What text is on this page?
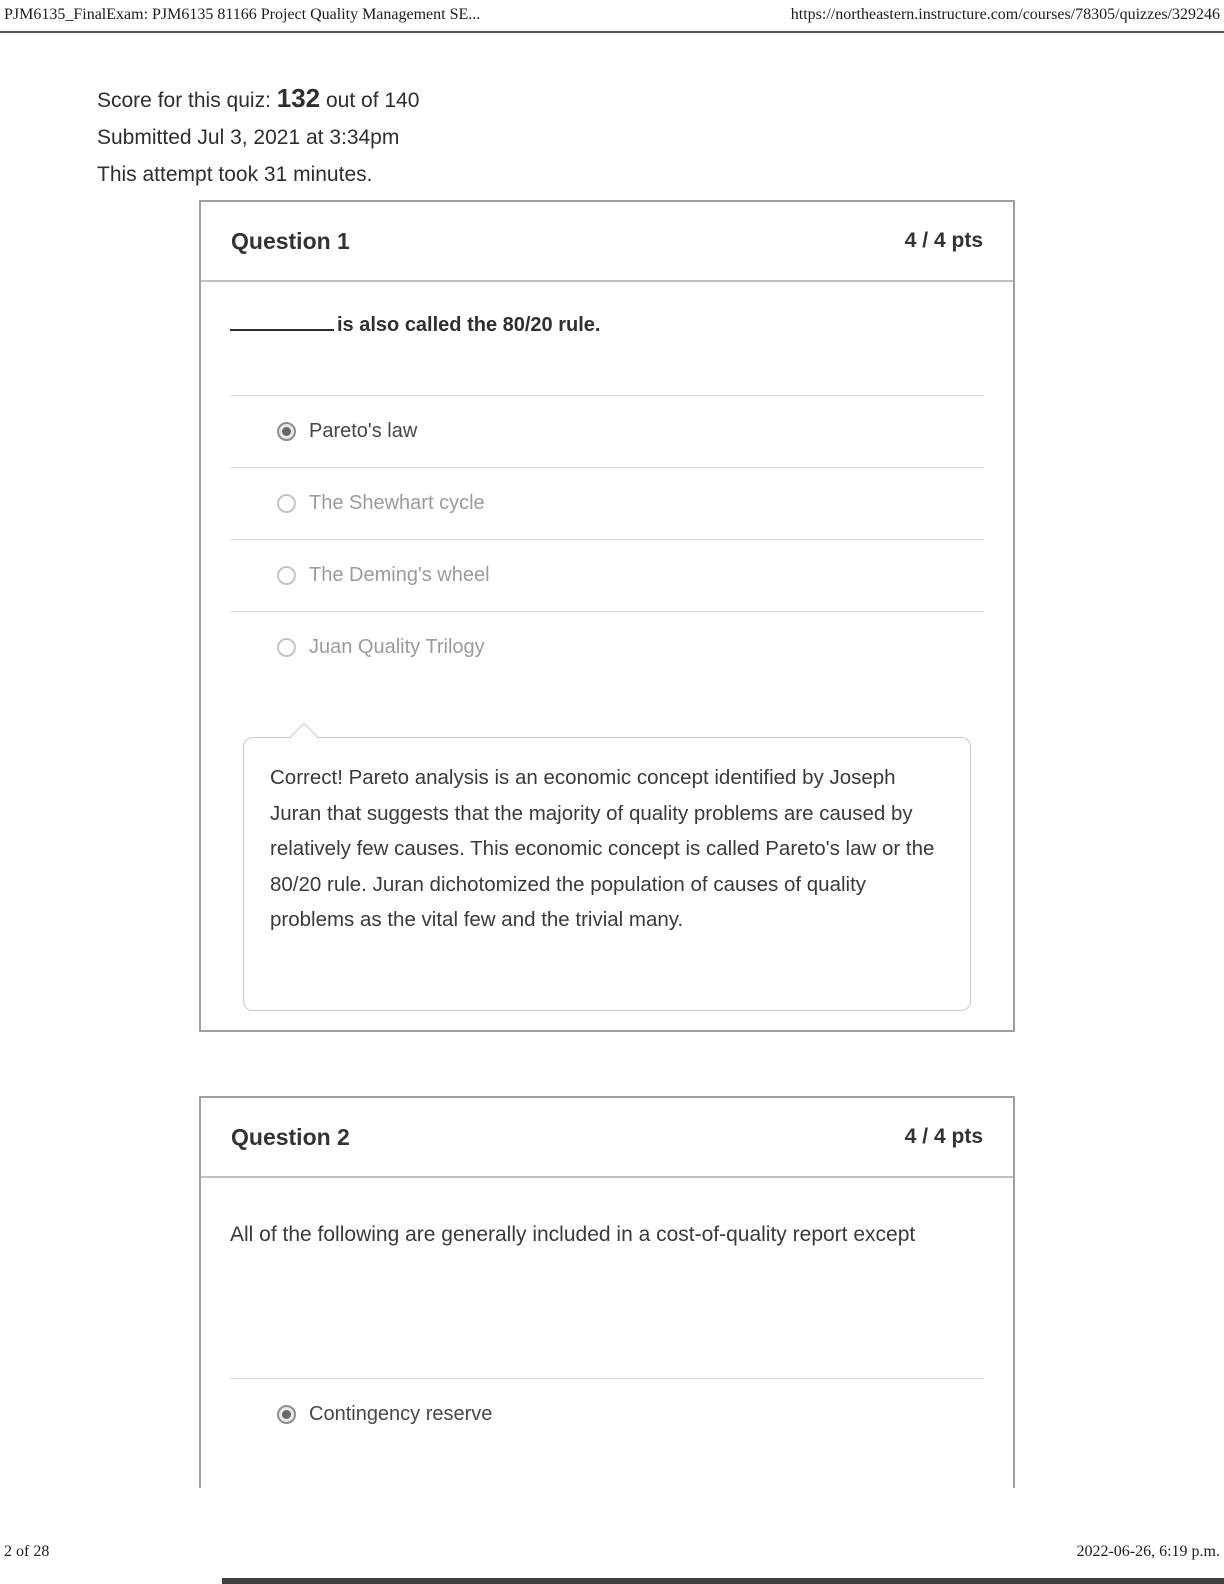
PJM6135_FinalExam: PJM6135 81166 Project Quality Management SE...	https://northeastern.instructure.com/courses/78305/quizzes/329246
Score for this quiz: 132 out of 140
Submitted Jul 3, 2021 at 3:34pm
This attempt took 31 minutes.
Question 1	4 / 4 pts
is also called the 80/20 rule.
Pareto's law
The Shewhart cycle
The Deming's wheel
Juan Quality Trilogy
Correct! Pareto analysis is an economic concept identified by Joseph Juran that suggests that the majority of quality problems are caused by relatively few causes. This economic concept is called Pareto's law or the 80/20 rule. Juran dichotomized the population of causes of quality problems as the vital few and the trivial many.
Question 2	4 / 4 pts
All of the following are generally included in a cost-of-quality report except
Contingency reserve
2 of 28	2022-06-26, 6:19 p.m.
